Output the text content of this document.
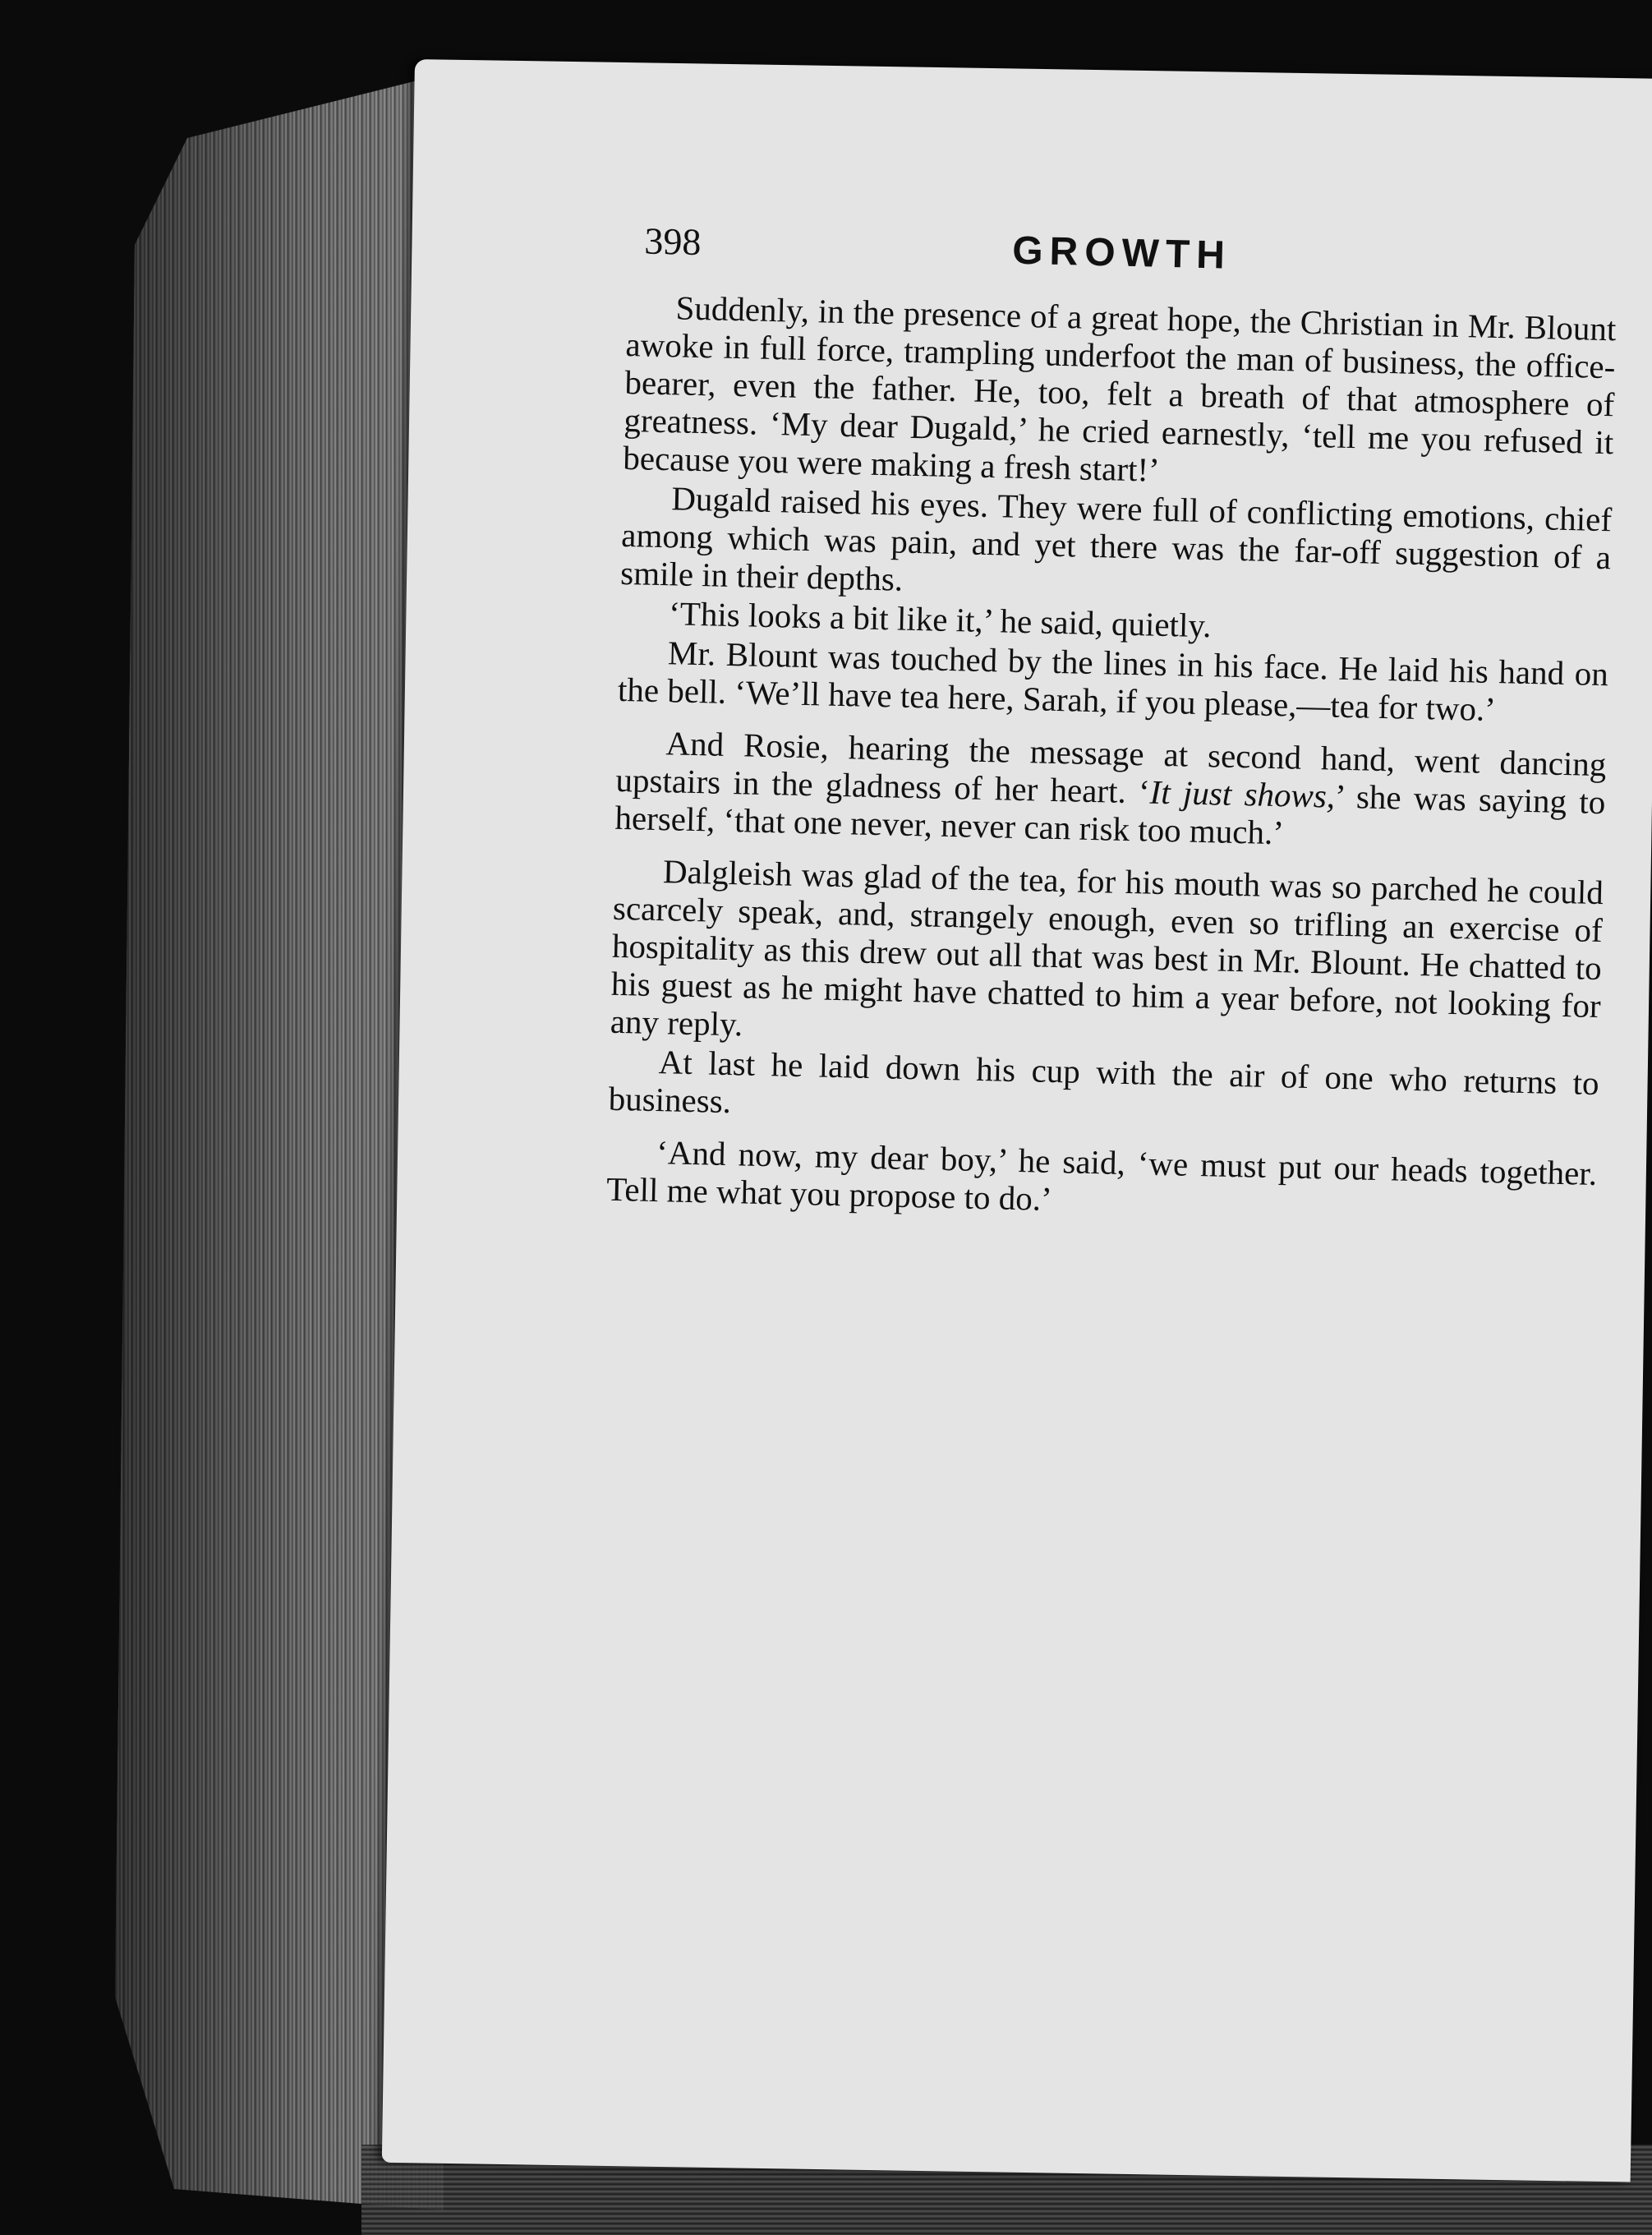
398	GROWTH

Suddenly, in the presence of a great hope, the Christian in Mr. Blount awoke in full force, trampling underfoot the man of business, the office-bearer, even the father. He, too, felt a breath of that atmosphere of greatness. ‘My dear Dugald,’ he cried earnestly, ‘tell me you refused it because you were making a fresh start!’

Dugald raised his eyes. They were full of conflicting emotions, chief among which was pain, and yet there was the far-off suggestion of a smile in their depths.

‘This looks a bit like it,’ he said, quietly.

Mr. Blount was touched by the lines in his face. He laid his hand on the bell. ‘We’ll have tea here, Sarah, if you please,—tea for two.’

And Rosie, hearing the message at second hand, went dancing upstairs in the gladness of her heart. ‘It just shows,’ she was saying to herself, ‘that one never, never can risk too much.’

Dalgleish was glad of the tea, for his mouth was so parched he could scarcely speak, and, strangely enough, even so trifling an exercise of hospitality as this drew out all that was best in Mr. Blount. He chatted to his guest as he might have chatted to him a year before, not looking for any reply.

At last he laid down his cup with the air of one who returns to business.

‘And now, my dear boy,’ he said, ‘we must put our heads together. Tell me what you propose to do.’
